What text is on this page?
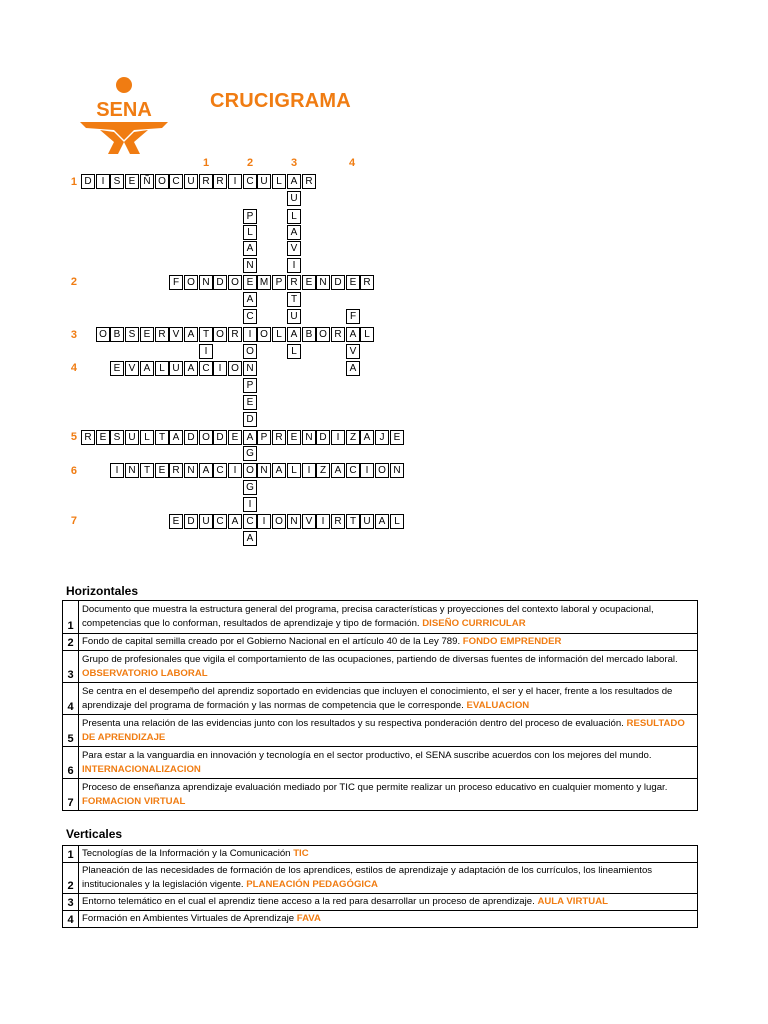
SENA	CRUCIGRAMA
1	2	3	4
1
2
3
4
5
6
7
D	I S E Ñ O C U R R	I C U L A R
F O N D O E M P R E N D E R
O B S E R V A T O R	I O L A B O R A L
E V A L U A C I O N
R E S U L T A D O D E A P R E N D	I	Z A J E
I N T E R N A C	I O N A L	I Z A C I O N
E D U C A C I O N V I R T U A L
P
L
A
N
A
C
O
P
E
D
G
G
I
A
U
L
A
V
I
T
U
L
I
F
V
A
Horizontales
1	Documento que muestra la estructura general del programa, precisa características y proyecciones del contexto laboral y ocupacional, competencias que lo conforman, resultados de aprendizaje y tipo de formación. DISEÑO CURRICULAR
2	Fondo de capital semilla creado por el Gobierno Nacional en el artículo 40 de la Ley 789. FONDO EMPRENDER
3	Grupo de profesionales que vigila el comportamiento de las ocupaciones, partiendo de diversas fuentes de información del mercado laboral. OBSERVATORIO LABORAL
4	Se centra en el desempeño del aprendiz soportado en evidencias que incluyen el conocimiento, el ser y el hacer, frente a los resultados de aprendizaje del programa de formación y las normas de competencia que le corresponde. EVALUACION
5	Presenta una relación de las evidencias junto con los resultados y su respectiva ponderación dentro del proceso de evaluación. RESULTADO DE APRENDIZAJE
6	Para estar a la vanguardia en innovación y tecnología en el sector productivo, el SENA suscribe acuerdos con los mejores del mundo. INTERNACIONALIZACION
7	Proceso de enseñanza aprendizaje evaluación mediado por TIC que permite realizar un proceso educativo en cualquier momento y lugar. FORMACION VIRTUAL
Verticales
1	Tecnologías de la Información y la Comunicación TIC
2	Planeación de las necesidades de formación de los aprendices, estilos de aprendizaje y adaptación de los currículos, los lineamientos institucionales y la legislación vigente. PLANEACIÓN PEDAGÓGICA
3	Entorno telemático en el cual el aprendiz tiene acceso a la red para desarrollar un proceso de aprendizaje. AULA VIRTUAL
4	Formación en Ambientes Virtuales de Aprendizaje FAVA
